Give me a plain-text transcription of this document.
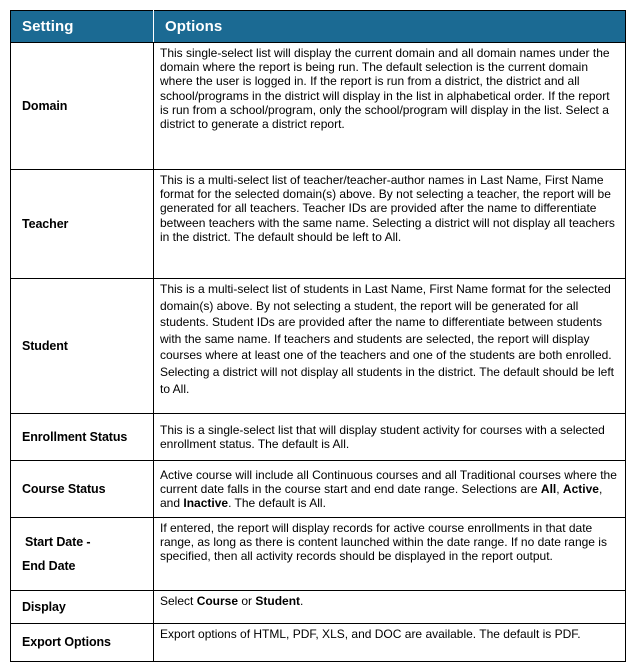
Setting	Options
Domain	This single-select list will display the current domain and all domain names under the domain where the report is being run. The default selection is the current domain where the user is logged in. If the report is run from a district, the district and all school/programs in the district will display in the list in alphabetical order. If the report is run from a school/program, only the school/program will display in the list. Select a district to generate a district report.
Teacher	This is a multi-select list of teacher/teacher-author names in Last Name, First Name format for the selected domain(s) above. By not selecting a teacher, the report will be generated for all teachers. Teacher IDs are provided after the name to differentiate between teachers with the same name. Selecting a district will not display all teachers in the district. The default should be left to All.
Student	This is a multi-select list of students in Last Name, First Name format for the selected domain(s) above. By not selecting a student, the report will be generated for all students. Student IDs are provided after the name to differentiate between students with the same name. If teachers and students are selected, the report will display courses where at least one of the teachers and one of the students are both enrolled. Selecting a district will not display all students in the district. The default should be left to All.
Enrollment Status	This is a single-select list that will display student activity for courses with a selected enrollment status. The default is All.
Course Status	Active course will include all Continuous courses and all Traditional courses where the current date falls in the course start and end date range. Selections are All, Active, and Inactive. The default is All.

Start Date -
End Date	If entered, the report will display records for active course enrollments in that date range, as long as there is content launched within the date range. If no date range is specified, then all activity records should be displayed in the report output.
Display	Select Course or Student.
Export Options	Export options of HTML, PDF, XLS, and DOC are available. The default is PDF.
